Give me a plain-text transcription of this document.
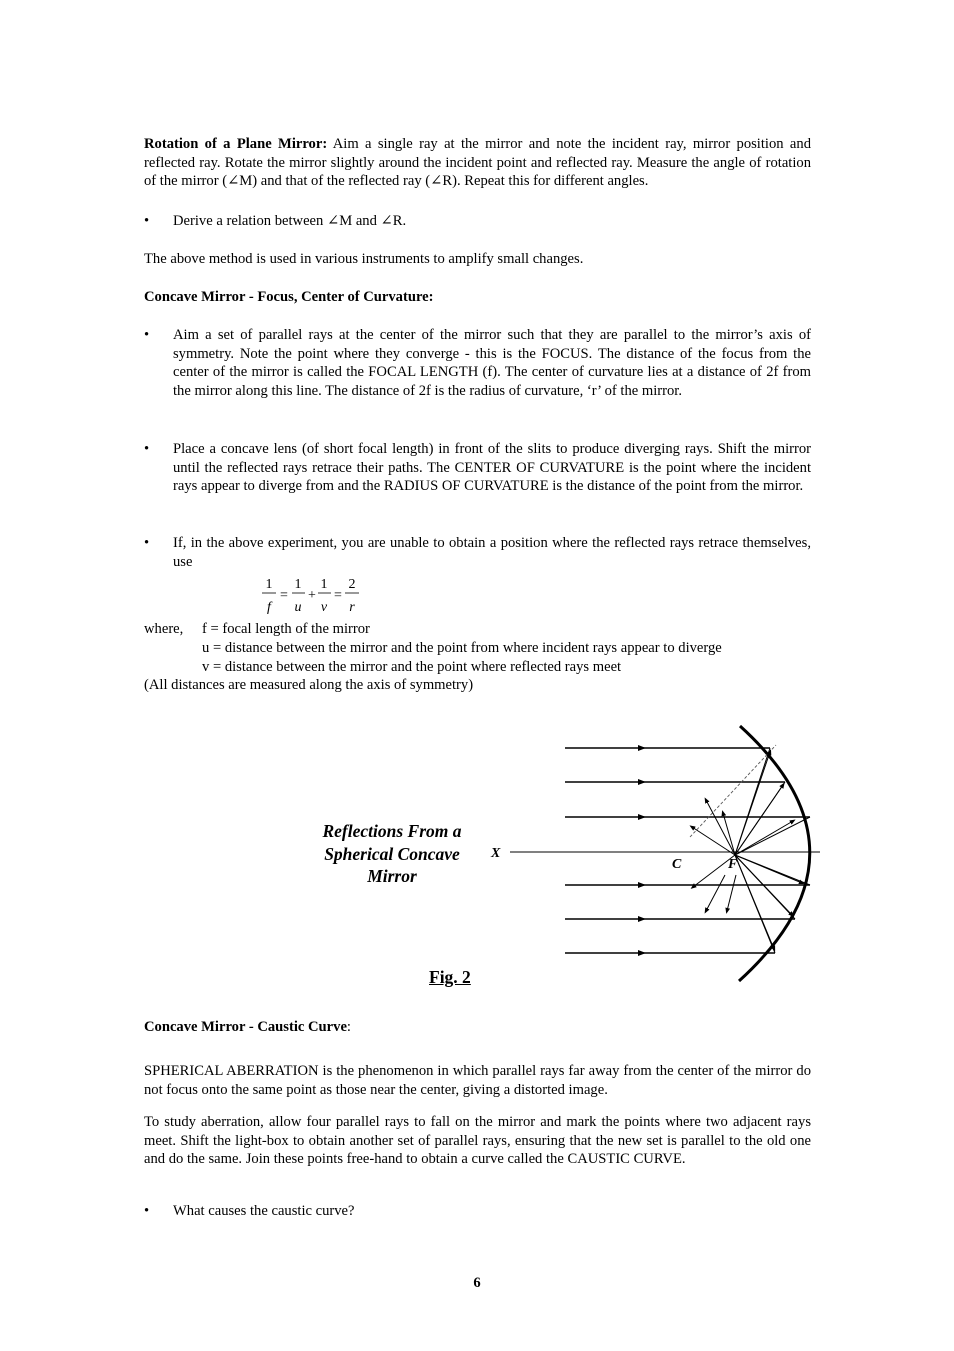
Rotation of a Plane Mirror: Aim a single ray at the mirror and note the incident ray, mirror position and reflected ray. Rotate the mirror slightly around the incident point and reflected ray. Measure the angle of rotation of the mirror (∠M) and that of the reflected ray (∠R). Repeat this for different angles.
•	Derive a relation between ∠M and ∠R.
The above method is used in various instruments to amplify small changes.
Concave Mirror - Focus, Center of Curvature:
•	Aim a set of parallel rays at the center of the mirror such that they are parallel to the mirror’s axis of symmetry. Note the point where they converge - this is the FOCUS. The distance of the focus from the center of the mirror is called the FOCAL LENGTH (f). The center of curvature lies at a distance of 2f from the mirror along this line. The distance of 2f is the radius of curvature, ‘r’ of the mirror.
•	Place a concave lens (of short focal length) in front of the slits to produce diverging rays. Shift the mirror until the reflected rays retrace their paths. The CENTER OF CURVATURE is the point where the incident rays appear to diverge from and the RADIUS OF CURVATURE is the distance of the point from the mirror.
•	If, in the above experiment, you are unable to obtain a position where the reflected rays retrace themselves, use
1
f
=
1
u
+
1
v
=
2
r
where,	f = focal length of the mirror
u = distance between the mirror and the point from where incident rays appear to diverge
v = distance between the mirror and the point where reflected rays meet
(All distances are measured along the axis of symmetry)
Reflections From a
Spherical Concave
Mirror
X
C	F
Fig. 2
Concave Mirror - Caustic Curve:
SPHERICAL ABERRATION is the phenomenon in which parallel rays far away from the center of the mirror do not focus onto the same point as those near the center, giving a distorted image.
To study aberration, allow four parallel rays to fall on the mirror and mark the points where two adjacent rays meet. Shift the light-box to obtain another set of parallel rays, ensuring that the new set is parallel to the old one and do the same. Join these points free-hand to obtain a curve called the CAUSTIC CURVE.
•	What causes the caustic curve?
6
